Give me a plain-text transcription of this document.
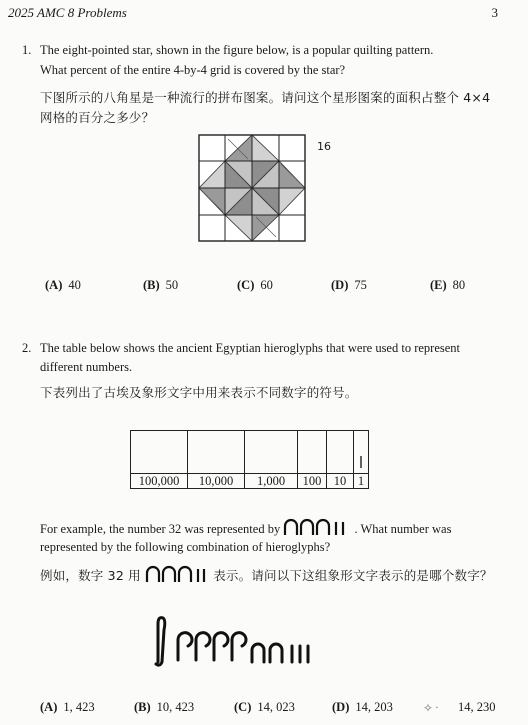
2025 AMC 8 Problems	3
1. The eight-pointed star, shown in the figure below, is a popular quilting pattern.
What percent of the entire 4-by-4 grid is covered by the star?
下图所示的八角星是一种流行的拼布图案。请问这个星形图案的面积占整个 4×4
网格的百分之多少？
16
(A) 40	(B) 50	(C) 60	(D) 75	(E) 80
2. The table below shows the ancient Egyptian hieroglyphs that were used to represent
different numbers.
下表列出了古埃及象形文字中用来表示不同数字的符号。

100,000	10,000	1,000	100	10	1
For example, the number 32 was represented by	. What number was
represented by the following combination of hieroglyphs?
例如，数字 32 用	表示。请问以下这组象形文字表示的是哪个数字？
(A) 1, 423	(B) 10, 423	(C) 14, 023	(D) 14, 203	14, 230
⟡ ·
